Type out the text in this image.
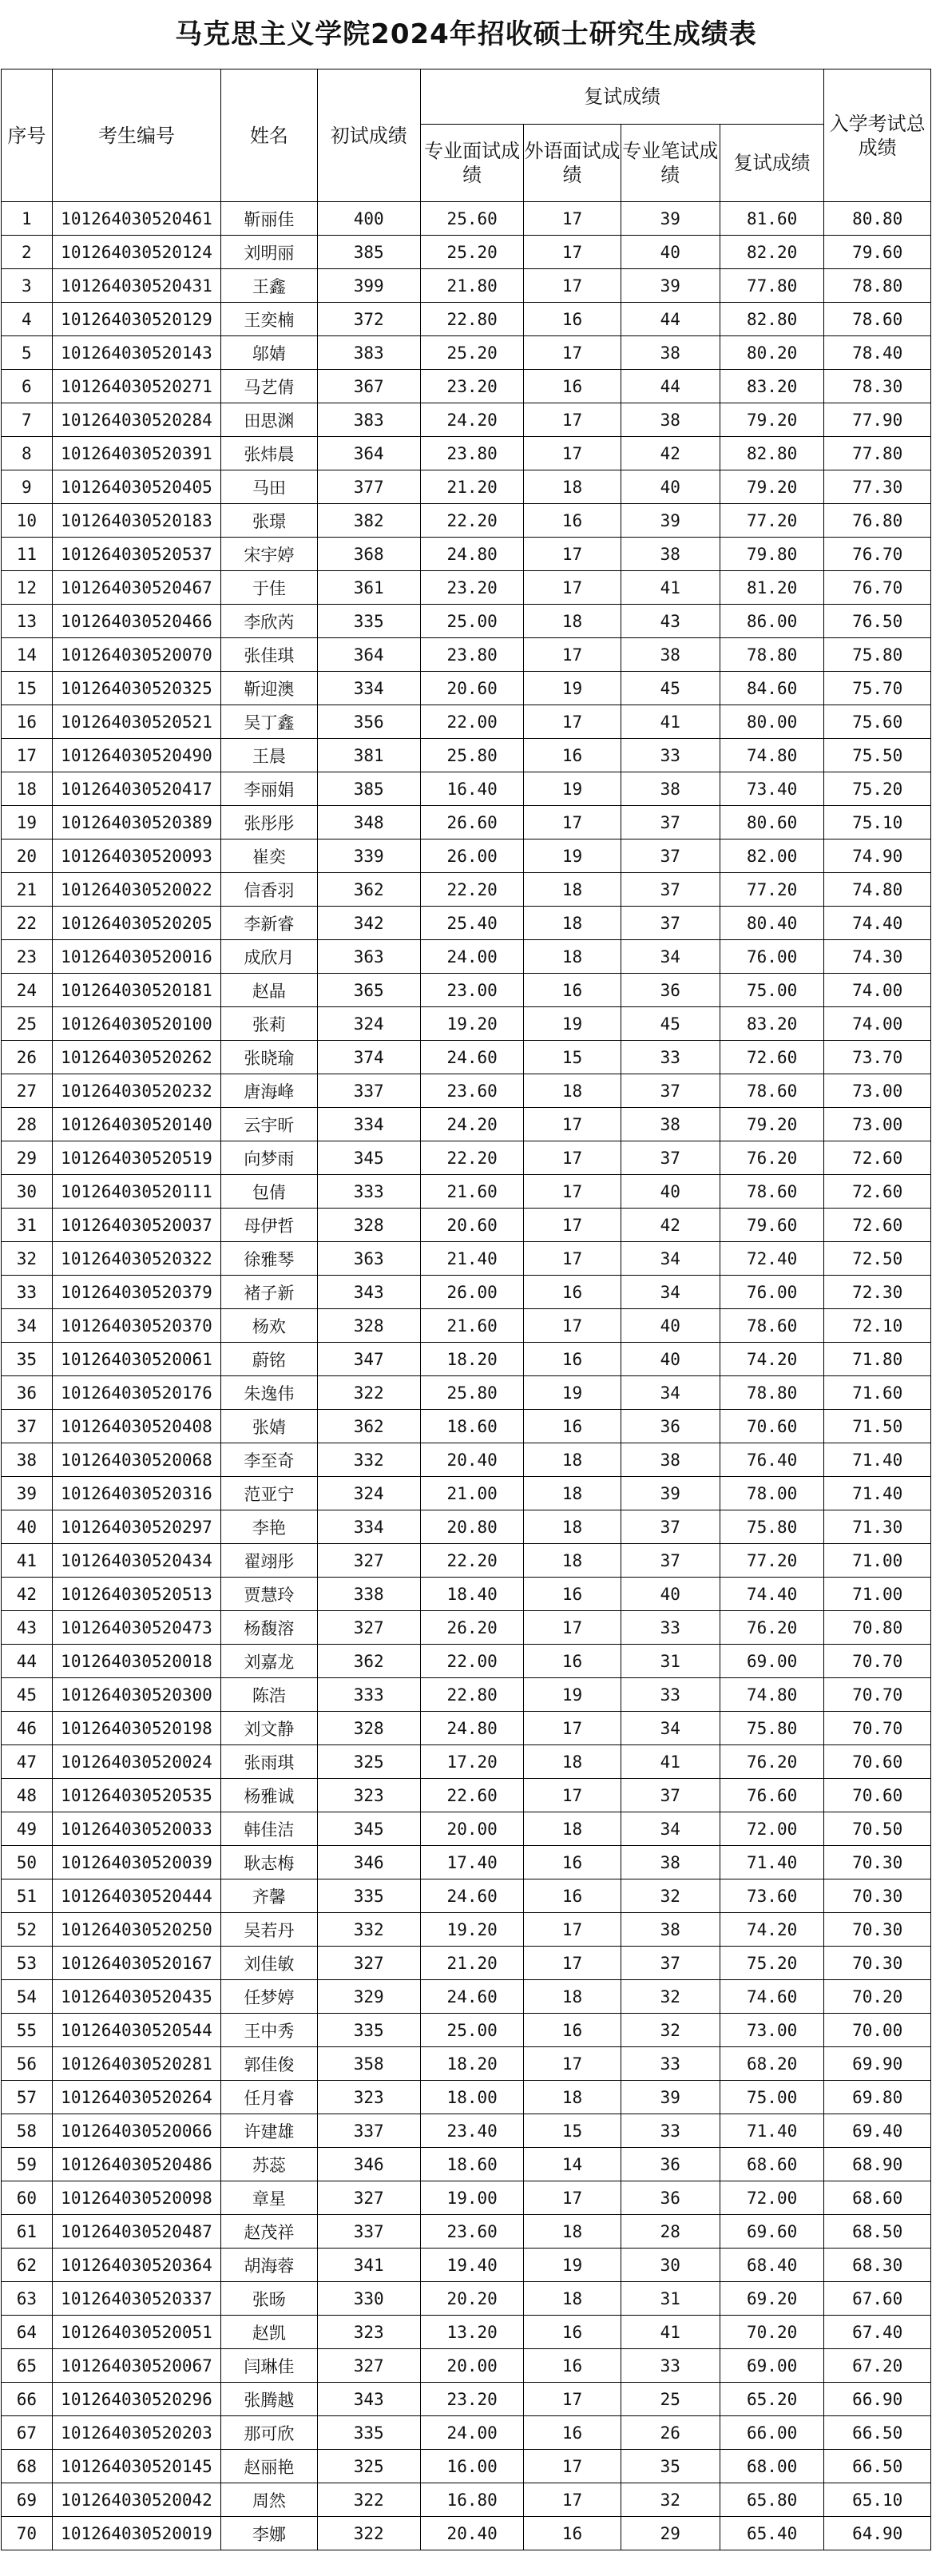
马克思主义学院2024年招收硕士研究生成绩表
序号	考生编号	姓名	初试成绩	复试成绩				入学考试总成绩
				专业面试成绩	外语面试成绩	专业笔试成绩	复试成绩	
1	101264030520461	靳丽佳	400	25.60	17	39	81.60	80.80
2	101264030520124	刘明丽	385	25.20	17	40	82.20	79.60
3	101264030520431	王鑫	399	21.80	17	39	77.80	78.80
4	101264030520129	王奕楠	372	22.80	16	44	82.80	78.60
5	101264030520143	邬婧	383	25.20	17	38	80.20	78.40
6	101264030520271	马艺倩	367	23.20	16	44	83.20	78.30
7	101264030520284	田思渊	383	24.20	17	38	79.20	77.90
8	101264030520391	张炜晨	364	23.80	17	42	82.80	77.80
9	101264030520405	马田	377	21.20	18	40	79.20	77.30
10	101264030520183	张璟	382	22.20	16	39	77.20	76.80
11	101264030520537	宋宇婷	368	24.80	17	38	79.80	76.70
12	101264030520467	于佳	361	23.20	17	41	81.20	76.70
13	101264030520466	李欣芮	335	25.00	18	43	86.00	76.50
14	101264030520070	张佳琪	364	23.80	17	38	78.80	75.80
15	101264030520325	靳迎澳	334	20.60	19	45	84.60	75.70
16	101264030520521	吴丁鑫	356	22.00	17	41	80.00	75.60
17	101264030520490	王晨	381	25.80	16	33	74.80	75.50
18	101264030520417	李丽娟	385	16.40	19	38	73.40	75.20
19	101264030520389	张彤彤	348	26.60	17	37	80.60	75.10
20	101264030520093	崔奕	339	26.00	19	37	82.00	74.90
21	101264030520022	信香羽	362	22.20	18	37	77.20	74.80
22	101264030520205	李新睿	342	25.40	18	37	80.40	74.40
23	101264030520016	成欣月	363	24.00	18	34	76.00	74.30
24	101264030520181	赵晶	365	23.00	16	36	75.00	74.00
25	101264030520100	张莉	324	19.20	19	45	83.20	74.00
26	101264030520262	张晓瑜	374	24.60	15	33	72.60	73.70
27	101264030520232	唐海峰	337	23.60	18	37	78.60	73.00
28	101264030520140	云宇昕	334	24.20	17	38	79.20	73.00
29	101264030520519	向梦雨	345	22.20	17	37	76.20	72.60
30	101264030520111	包倩	333	21.60	17	40	78.60	72.60
31	101264030520037	母伊哲	328	20.60	17	42	79.60	72.60
32	101264030520322	徐雅琴	363	21.40	17	34	72.40	72.50
33	101264030520379	褚子新	343	26.00	16	34	76.00	72.30
34	101264030520370	杨欢	328	21.60	17	40	78.60	72.10
35	101264030520061	蔚铭	347	18.20	16	40	74.20	71.80
36	101264030520176	朱逸伟	322	25.80	19	34	78.80	71.60
37	101264030520408	张婧	362	18.60	16	36	70.60	71.50
38	101264030520068	李至奇	332	20.40	18	38	76.40	71.40
39	101264030520316	范亚宁	324	21.00	18	39	78.00	71.40
40	101264030520297	李艳	334	20.80	18	37	75.80	71.30
41	101264030520434	翟翊彤	327	22.20	18	37	77.20	71.00
42	101264030520513	贾慧玲	338	18.40	16	40	74.40	71.00
43	101264030520473	杨馥溶	327	26.20	17	33	76.20	70.80
44	101264030520018	刘嘉龙	362	22.00	16	31	69.00	70.70
45	101264030520300	陈浩	333	22.80	19	33	74.80	70.70
46	101264030520198	刘文静	328	24.80	17	34	75.80	70.70
47	101264030520024	张雨琪	325	17.20	18	41	76.20	70.60
48	101264030520535	杨雅诚	323	22.60	17	37	76.60	70.60
49	101264030520033	韩佳洁	345	20.00	18	34	72.00	70.50
50	101264030520039	耿志梅	346	17.40	16	38	71.40	70.30
51	101264030520444	齐馨	335	24.60	16	32	73.60	70.30
52	101264030520250	吴若丹	332	19.20	17	38	74.20	70.30
53	101264030520167	刘佳敏	327	21.20	17	37	75.20	70.30
54	101264030520435	任梦婷	329	24.60	18	32	74.60	70.20
55	101264030520544	王中秀	335	25.00	16	32	73.00	70.00
56	101264030520281	郭佳俊	358	18.20	17	33	68.20	69.90
57	101264030520264	任月睿	323	18.00	18	39	75.00	69.80
58	101264030520066	许建雄	337	23.40	15	33	71.40	69.40
59	101264030520486	苏蕊	346	18.60	14	36	68.60	68.90
60	101264030520098	章星	327	19.00	17	36	72.00	68.60
61	101264030520487	赵茂祥	337	23.60	18	28	69.60	68.50
62	101264030520364	胡海蓉	341	19.40	19	30	68.40	68.30
63	101264030520337	张旸	330	20.20	18	31	69.20	67.60
64	101264030520051	赵凯	323	13.20	16	41	70.20	67.40
65	101264030520067	闫琳佳	327	20.00	16	33	69.00	67.20
66	101264030520296	张腾越	343	23.20	17	25	65.20	66.90
67	101264030520203	那可欣	335	24.00	16	26	66.00	66.50
68	101264030520145	赵丽艳	325	16.00	17	35	68.00	66.50
69	101264030520042	周然	322	16.80	17	32	65.80	65.10
70	101264030520019	李娜	322	20.40	16	29	65.40	64.90
